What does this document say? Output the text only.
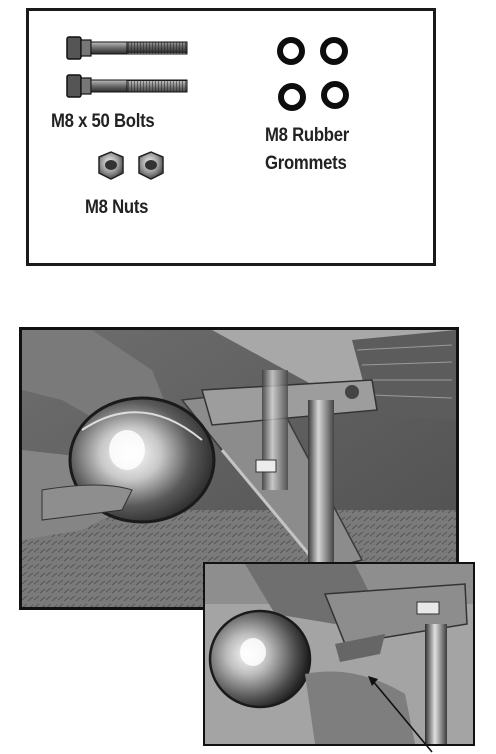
M8 x 50 Bolts
M8 Nuts
M8 Rubber
Grommets
